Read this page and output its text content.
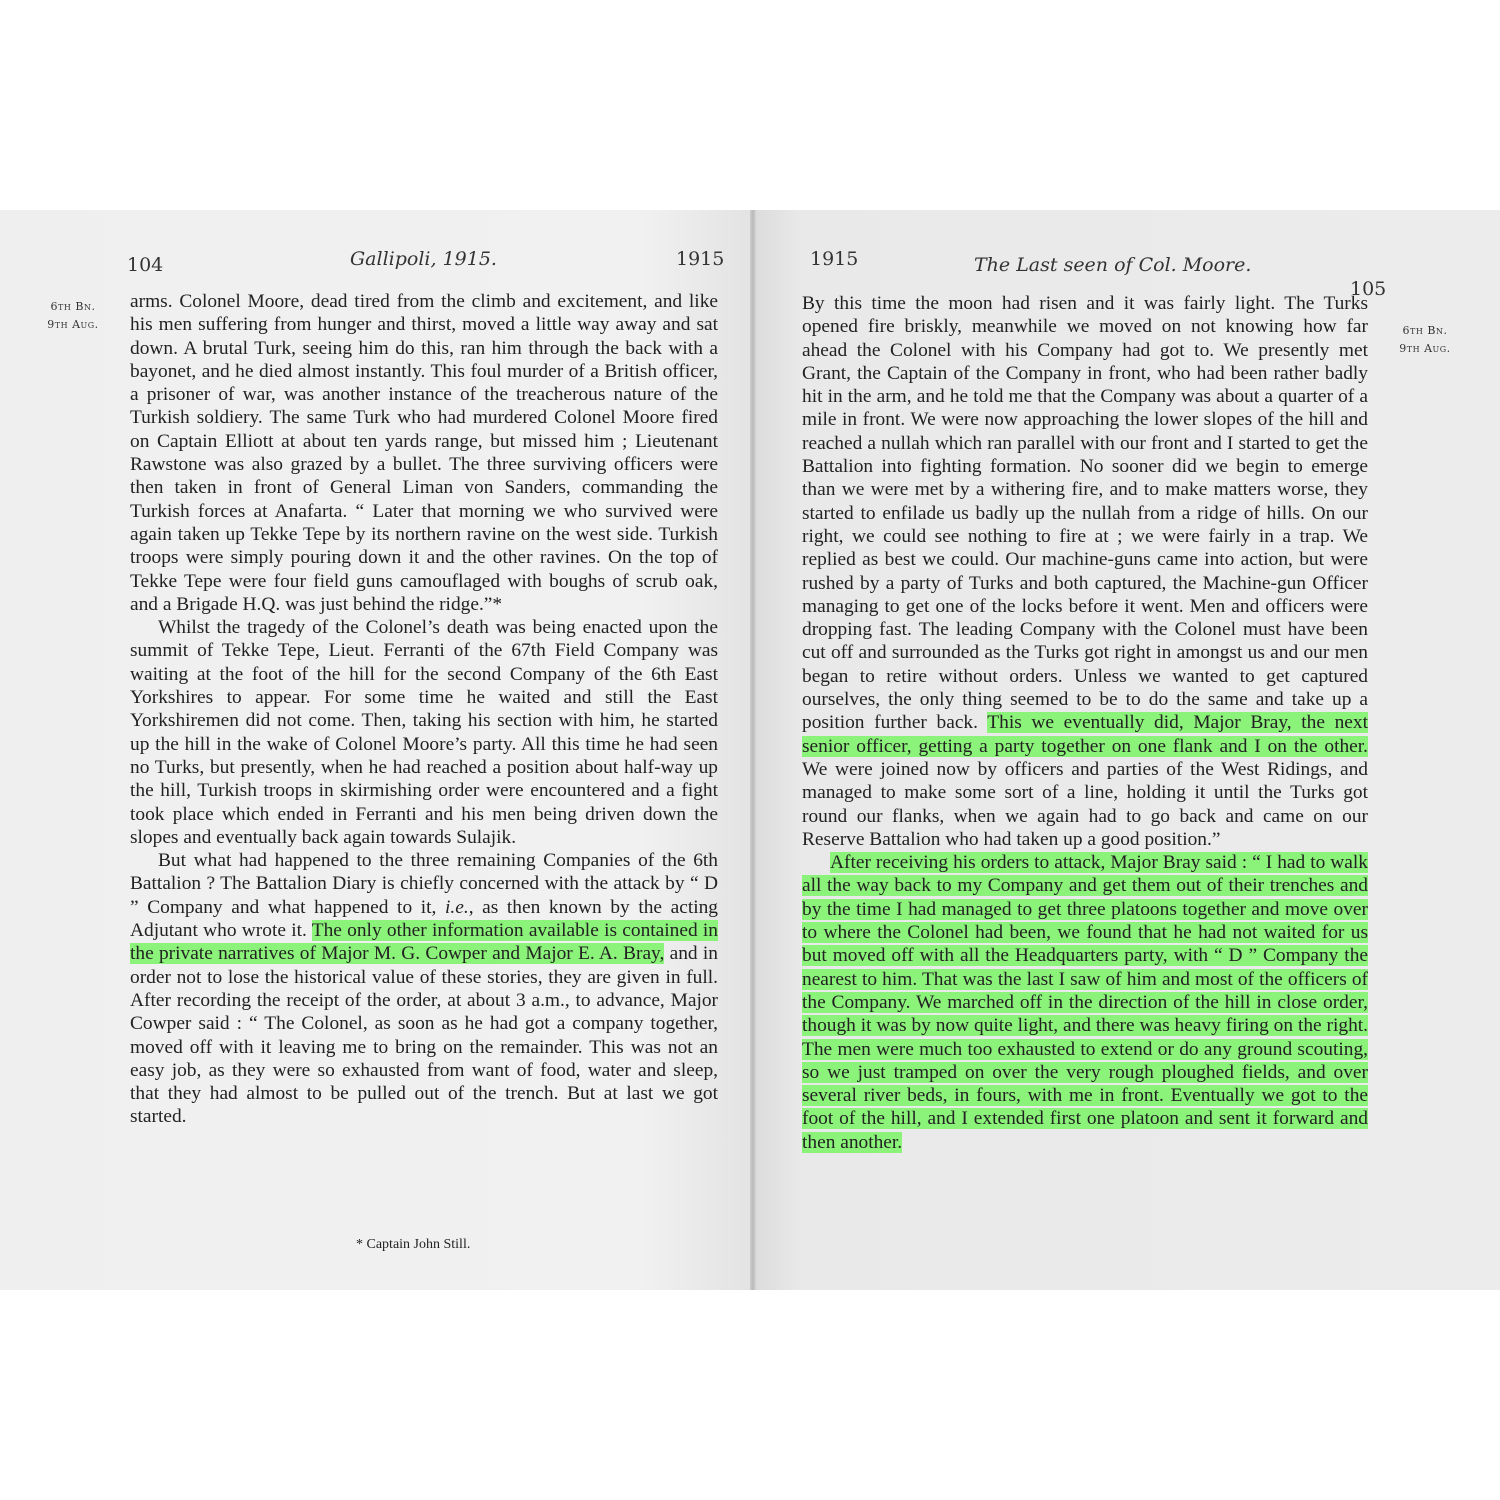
104	Gallipoli, 1915.	1915
6th Bn.
9th Aug.

arms. Colonel Moore, dead tired from the climb and excitement, and like his men suffering from hunger and thirst, moved a little way away and sat down. A brutal Turk, seeing him do this, ran him through the back with a bayonet, and he died almost instantly. This foul murder of a British officer, a prisoner of war, was another instance of the treacherous nature of the Turkish soldiery. The same Turk who had murdered Colonel Moore fired on Captain Elliott at about ten yards range, but missed him ; Lieutenant Rawstone was also grazed by a bullet. The three surviving officers were then taken in front of General Liman von Sanders, commanding the Turkish forces at Anafarta. “ Later that morning we who survived were again taken up Tekke Tepe by its northern ravine on the west side. Turkish troops were simply pouring down it and the other ravines. On the top of Tekke Tepe were four field guns camouflaged with boughs of scrub oak, and a Brigade H.Q. was just behind the ridge.”*

Whilst the tragedy of the Colonel’s death was being enacted upon the summit of Tekke Tepe, Lieut. Ferranti of the 67th Field Company was waiting at the foot of the hill for the second Company of the 6th East Yorkshires to appear. For some time he waited and still the East Yorkshiremen did not come. Then, taking his section with him, he started up the hill in the wake of Colonel Moore’s party. All this time he had seen no Turks, but presently, when he had reached a position about half-way up the hill, Turkish troops in skirmishing order were encountered and a fight took place which ended in Ferranti and his men being driven down the slopes and eventually back again towards Sulajik.

But what had happened to the three remaining Companies of the 6th Battalion ? The Battalion Diary is chiefly concerned with the attack by “ D ” Company and what happened to it, i.e., as then known by the acting Adjutant who wrote it. The only other information available is contained in the private narratives of Major M. G. Cowper and Major E. A. Bray, and in order not to lose the historical value of these stories, they are given in full. After recording the receipt of the order, at about 3 a.m., to advance, Major Cowper said : “ The Colonel, as soon as he had got a company together, moved off with it leaving me to bring on the remainder. This was not an easy job, as they were so exhausted from want of food, water and sleep, that they had almost to be pulled out of the trench. But at last we got started.

* Captain John Still.
1915	The Last seen of Col. Moore.
105
6th Bn.
9th Aug.

By this time the moon had risen and it was fairly light. The Turks opened fire briskly, meanwhile we moved on not knowing how far ahead the Colonel with his Company had got to. We presently met Grant, the Captain of the Company in front, who had been rather badly hit in the arm, and he told me that the Company was about a quarter of a mile in front. We were now approaching the lower slopes of the hill and reached a nullah which ran parallel with our front and I started to get the Battalion into fighting formation. No sooner did we begin to emerge than we were met by a withering fire, and to make matters worse, they started to enfilade us badly up the nullah from a ridge of hills. On our right, we could see nothing to fire at ; we were fairly in a trap. We replied as best we could. Our machine-guns came into action, but were rushed by a party of Turks and both captured, the Machine-gun Officer managing to get one of the locks before it went. Men and officers were dropping fast. The leading Company with the Colonel must have been cut off and surrounded as the Turks got right in amongst us and our men began to retire without orders. Unless we wanted to get captured ourselves, the only thing seemed to be to do the same and take up a position further back. This we eventually did, Major Bray, the next senior officer, getting a party together on one flank and I on the other. We were joined now by officers and parties of the West Ridings, and managed to make some sort of a line, holding it until the Turks got round our flanks, when we again had to go back and came on our Reserve Battalion who had taken up a good position.”

After receiving his orders to attack, Major Bray said : “ I had to walk all the way back to my Company and get them out of their trenches and by the time I had managed to get three platoons together and move over to where the Colonel had been, we found that he had not waited for us but moved off with all the Headquarters party, with “ D ” Company the nearest to him. That was the last I saw of him and most of the officers of the Company. We marched off in the direction of the hill in close order, though it was by now quite light, and there was heavy firing on the right. The men were much too exhausted to extend or do any ground scouting, so we just tramped on over the very rough ploughed fields, and over several river beds, in fours, with me in front. Eventually we got to the foot of the hill, and I extended first one platoon and sent it forward and then another.
